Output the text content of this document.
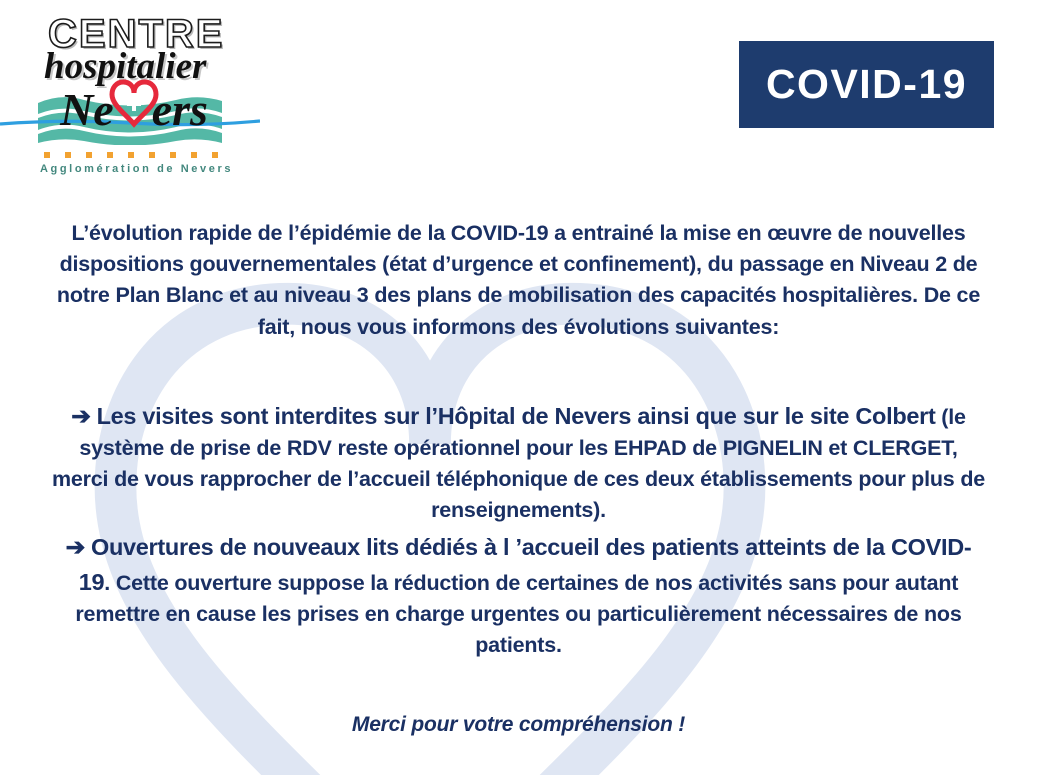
CENTRE
hospitalier
Ne ers
Agglomération de Nevers
COVID-19

L’évolution rapide de l’épidémie de la COVID-19 a entrainé la mise en œuvre de nouvelles dispositions gouvernementales (état d’urgence et confinement), du passage en Niveau 2 de notre Plan Blanc et au niveau 3 des plans de mobilisation des capacités hospitalières. De ce fait, nous vous informons des évolutions suivantes:

➔ Les visites sont interdites sur l’Hôpital de Nevers ainsi que sur le site Colbert (le système de prise de RDV reste opérationnel pour les EHPAD de PIGNELIN et CLERGET, merci de vous rapprocher de l’accueil téléphonique de ces deux établissements pour plus de renseignements).

➔ Ouvertures de nouveaux lits dédiés à l ’accueil des patients atteints de la COVID-19. Cette ouverture suppose la réduction de certaines de nos activités sans pour autant remettre en cause les prises en charge urgentes ou particulièrement nécessaires de nos patients.

Merci pour votre compréhension !
